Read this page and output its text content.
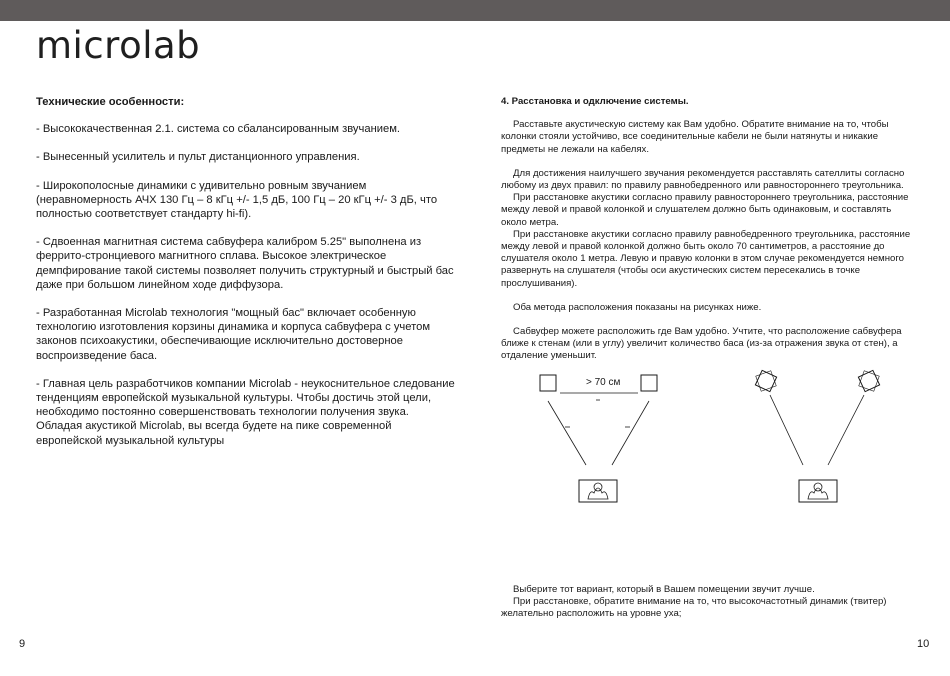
microlab
Технические особенности:

- Высококачественная 2.1. система со сбалансированным звучанием.

- Вынесенный усилитель и пульт дистанционного управления.

- Широкополосные динамики с удивительно ровным звучанием (неравномерность АЧХ 130 Гц – 8 кГц +/- 1,5 дБ, 100 Гц – 20 кГц +/- 3 дБ, что полностью соответствует стандарту hi-fi).

- Сдвоенная магнитная система сабвуфера калибром 5.25" выполнена из феррито-стронциевого магнитного сплава. Высокое электрическое демпфирование такой системы позволяет получить структурный и быстрый бас даже при большом линейном ходе диффузора.

- Разработанная Microlab технология "мощный бас" включает особенную технологию изготовления корзины динамика и корпуса сабвуфера с учетом законов психоакустики, обеспечивающие исключительно достоверное воспроизведение баса.

- Главная цель разработчиков компании Microlab - неукоснительное следование тенденциям европейской музыкальной культуры. Чтобы достичь этой цели, необходимо постоянно совершенствовать технологии получения звука. Обладая акустикой Microlab, вы всегда будете на пике современной европейской музыкальной культуры

4. Расстановка и одключение системы.

Расставьте акустическую систему как Вам удобно. Обратите внимание на то, чтобы колонки стояли устойчиво, все соединительные кабели не были натянуты и никакие предметы не лежали на кабелях.

Для достижения наилучшего звучания рекомендуется расставлять сателлиты согласно любому из двух правил: по правилу равнобедренного или равностороннего треугольника.

При расстановке акустики согласно правилу равностороннего треугольника, расстояние между левой и правой колонкой и слушателем должно быть одинаковым, и составлять около метра.

При расстановке акустики согласно правилу равнобедренного треугольника, расстояние между левой и правой колонкой должно быть около 70 сантиметров, а расстояние до слушателя около 1 метра. Левую и правую колонки в этом случае рекомендуется немного развернуть на слушателя (чтобы оси акустических систем пересекались в точке прослушивания).

Оба метода расположения показаны на рисунках ниже.

Сабвуфер можете расположить где Вам удобно. Учтите, что расположение сабвуфера ближе к стенам (или в углу) увеличит количество баса (из-за отражения звука от стен), а отдаление уменьшит.

> 70 см

Выберите тот вариант, который в Вашем помещении звучит лучше.

При расстановке, обратите внимание на то, что высокочастотный динамик (твитер) желательно расположить на уровне уха;

9	10
